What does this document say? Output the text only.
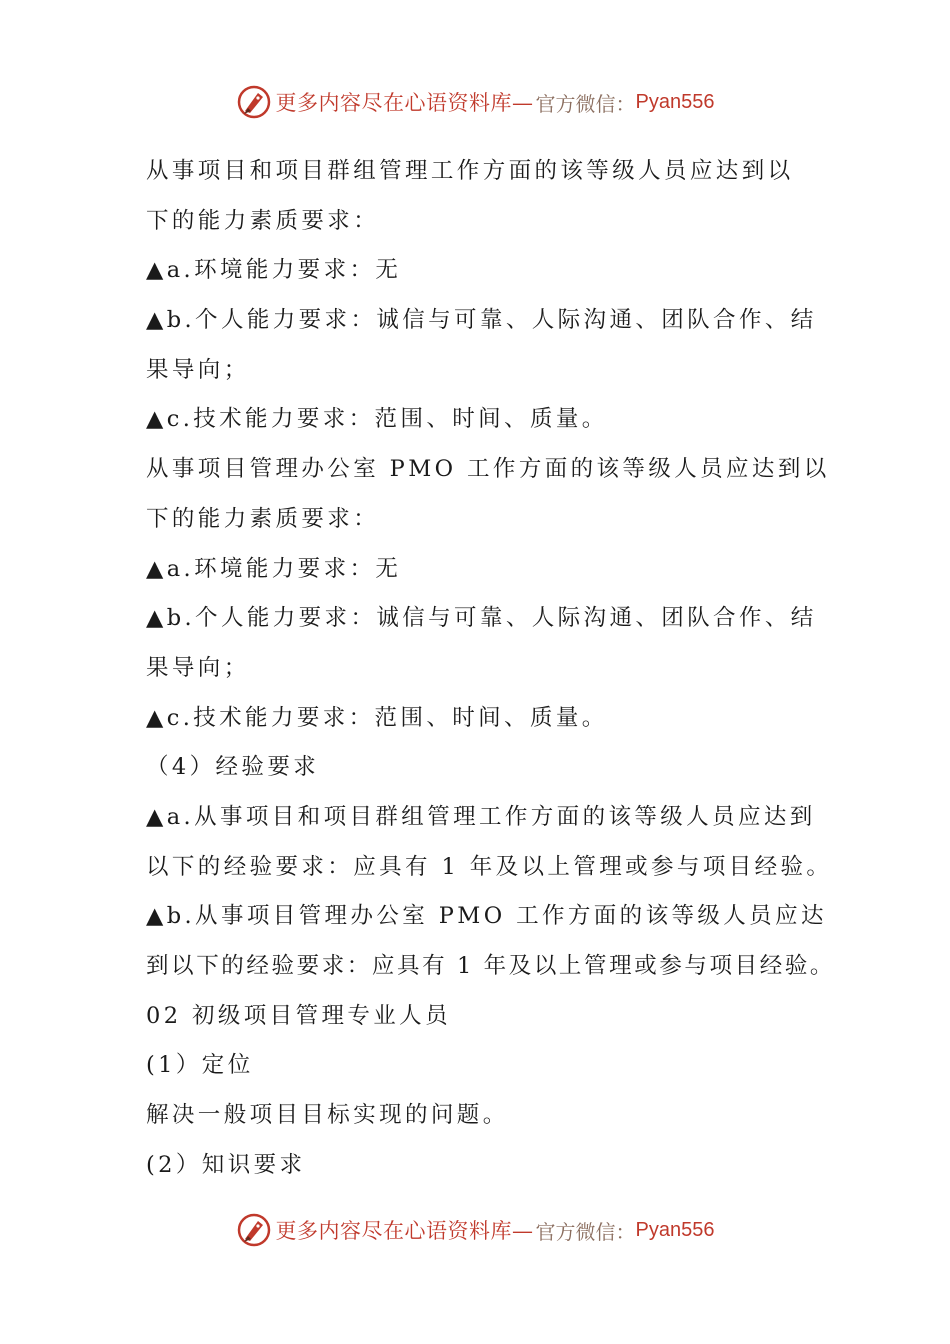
更多内容尽在心语资料库— 官方微信： Pyan556
从事项目和项目群组管理工作方面的该等级人员应达到以
下的能力素质要求：
▲a.环境能力要求：无
▲b.个人能力要求：诚信与可靠、人际沟通、团队合作、结
果导向；
▲c.技术能力要求：范围、时间、质量。
从事项目管理办公室 PMO 工作方面的该等级人员应达到以
下的能力素质要求：
▲a.环境能力要求：无
▲b.个人能力要求：诚信与可靠、人际沟通、团队合作、结
果导向；
▲c.技术能力要求：范围、时间、质量。
（4）经验要求
▲a.从事项目和项目群组管理工作方面的该等级人员应达到
以下的经验要求：应具有 1 年及以上管理或参与项目经验。
▲b.从事项目管理办公室 PMO 工作方面的该等级人员应达
到以下的经验要求：应具有 1 年及以上管理或参与项目经验。
02 初级项目管理专业人员
(1）定位
解决一般项目目标实现的问题。
(2）知识要求
更多内容尽在心语资料库— 官方微信： Pyan556
